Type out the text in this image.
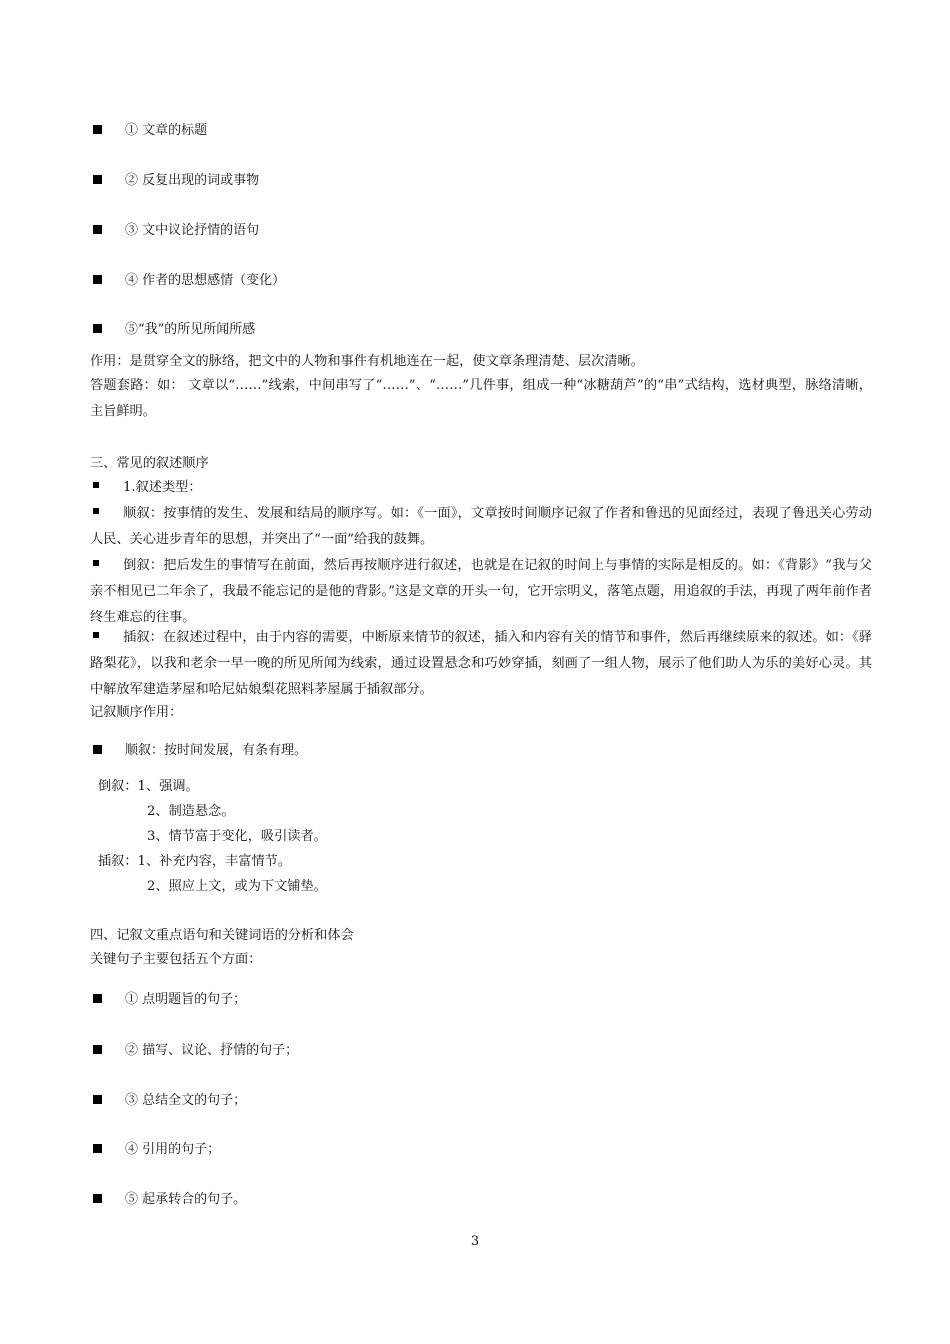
① 文章的标题
② 反复出现的词或事物
③ 文中议论抒情的语句
④ 作者的思想感情（变化）
⑤“我”的所见所闻所感
作用：是贯穿全文的脉络，把文中的人物和事件有机地连在一起，使文章条理清楚、层次清晰。
答题套路：如： 文章以“……”线索，中间串写了“……”、“……”几件事，组成一种“冰糖葫芦”的“串”式结构，选材典型，脉络清晰，主旨鲜明。
三、常见的叙述顺序
1.叙述类型：
顺叙：按事情的发生、发展和结局的顺序写。如：《一面》，文章按时间顺序记叙了作者和鲁迅的见面经过，表现了鲁迅关心劳动人民、关心进步青年的思想，并突出了“一面”给我的鼓舞。
倒叙：把后发生的事情写在前面，然后再按顺序进行叙述，也就是在记叙的时间上与事情的实际是相反的。如：《背影》“我与父亲不相见已二年余了，我最不能忘记的是他的背影。”这是文章的开头一句，它开宗明义，落笔点题，用追叙的手法，再现了两年前作者终生难忘的往事。
插叙：在叙述过程中，由于内容的需要，中断原来情节的叙述，插入和内容有关的情节和事件，然后再继续原来的叙述。如：《驿路梨花》，以我和老余一早一晚的所见所闻为线索，通过设置悬念和巧妙穿插，刻画了一组人物，展示了他们助人为乐的美好心灵。其中解放军建造茅屋和哈尼姑娘梨花照料茅屋属于插叙部分。
记叙顺序作用：
顺叙：按时间发展，有条有理。
倒叙：1、强调。
2、制造悬念。
3、情节富于变化，吸引读者。
插叙：1、补充内容，丰富情节。
2、照应上文，或为下文铺垫。
四、记叙文重点语句和关键词语的分析和体会
关键句子主要包括五个方面：
① 点明题旨的句子；
② 描写、议论、抒情的句子；
③ 总结全文的句子；
④ 引用的句子；
⑤ 起承转合的句子。
3
